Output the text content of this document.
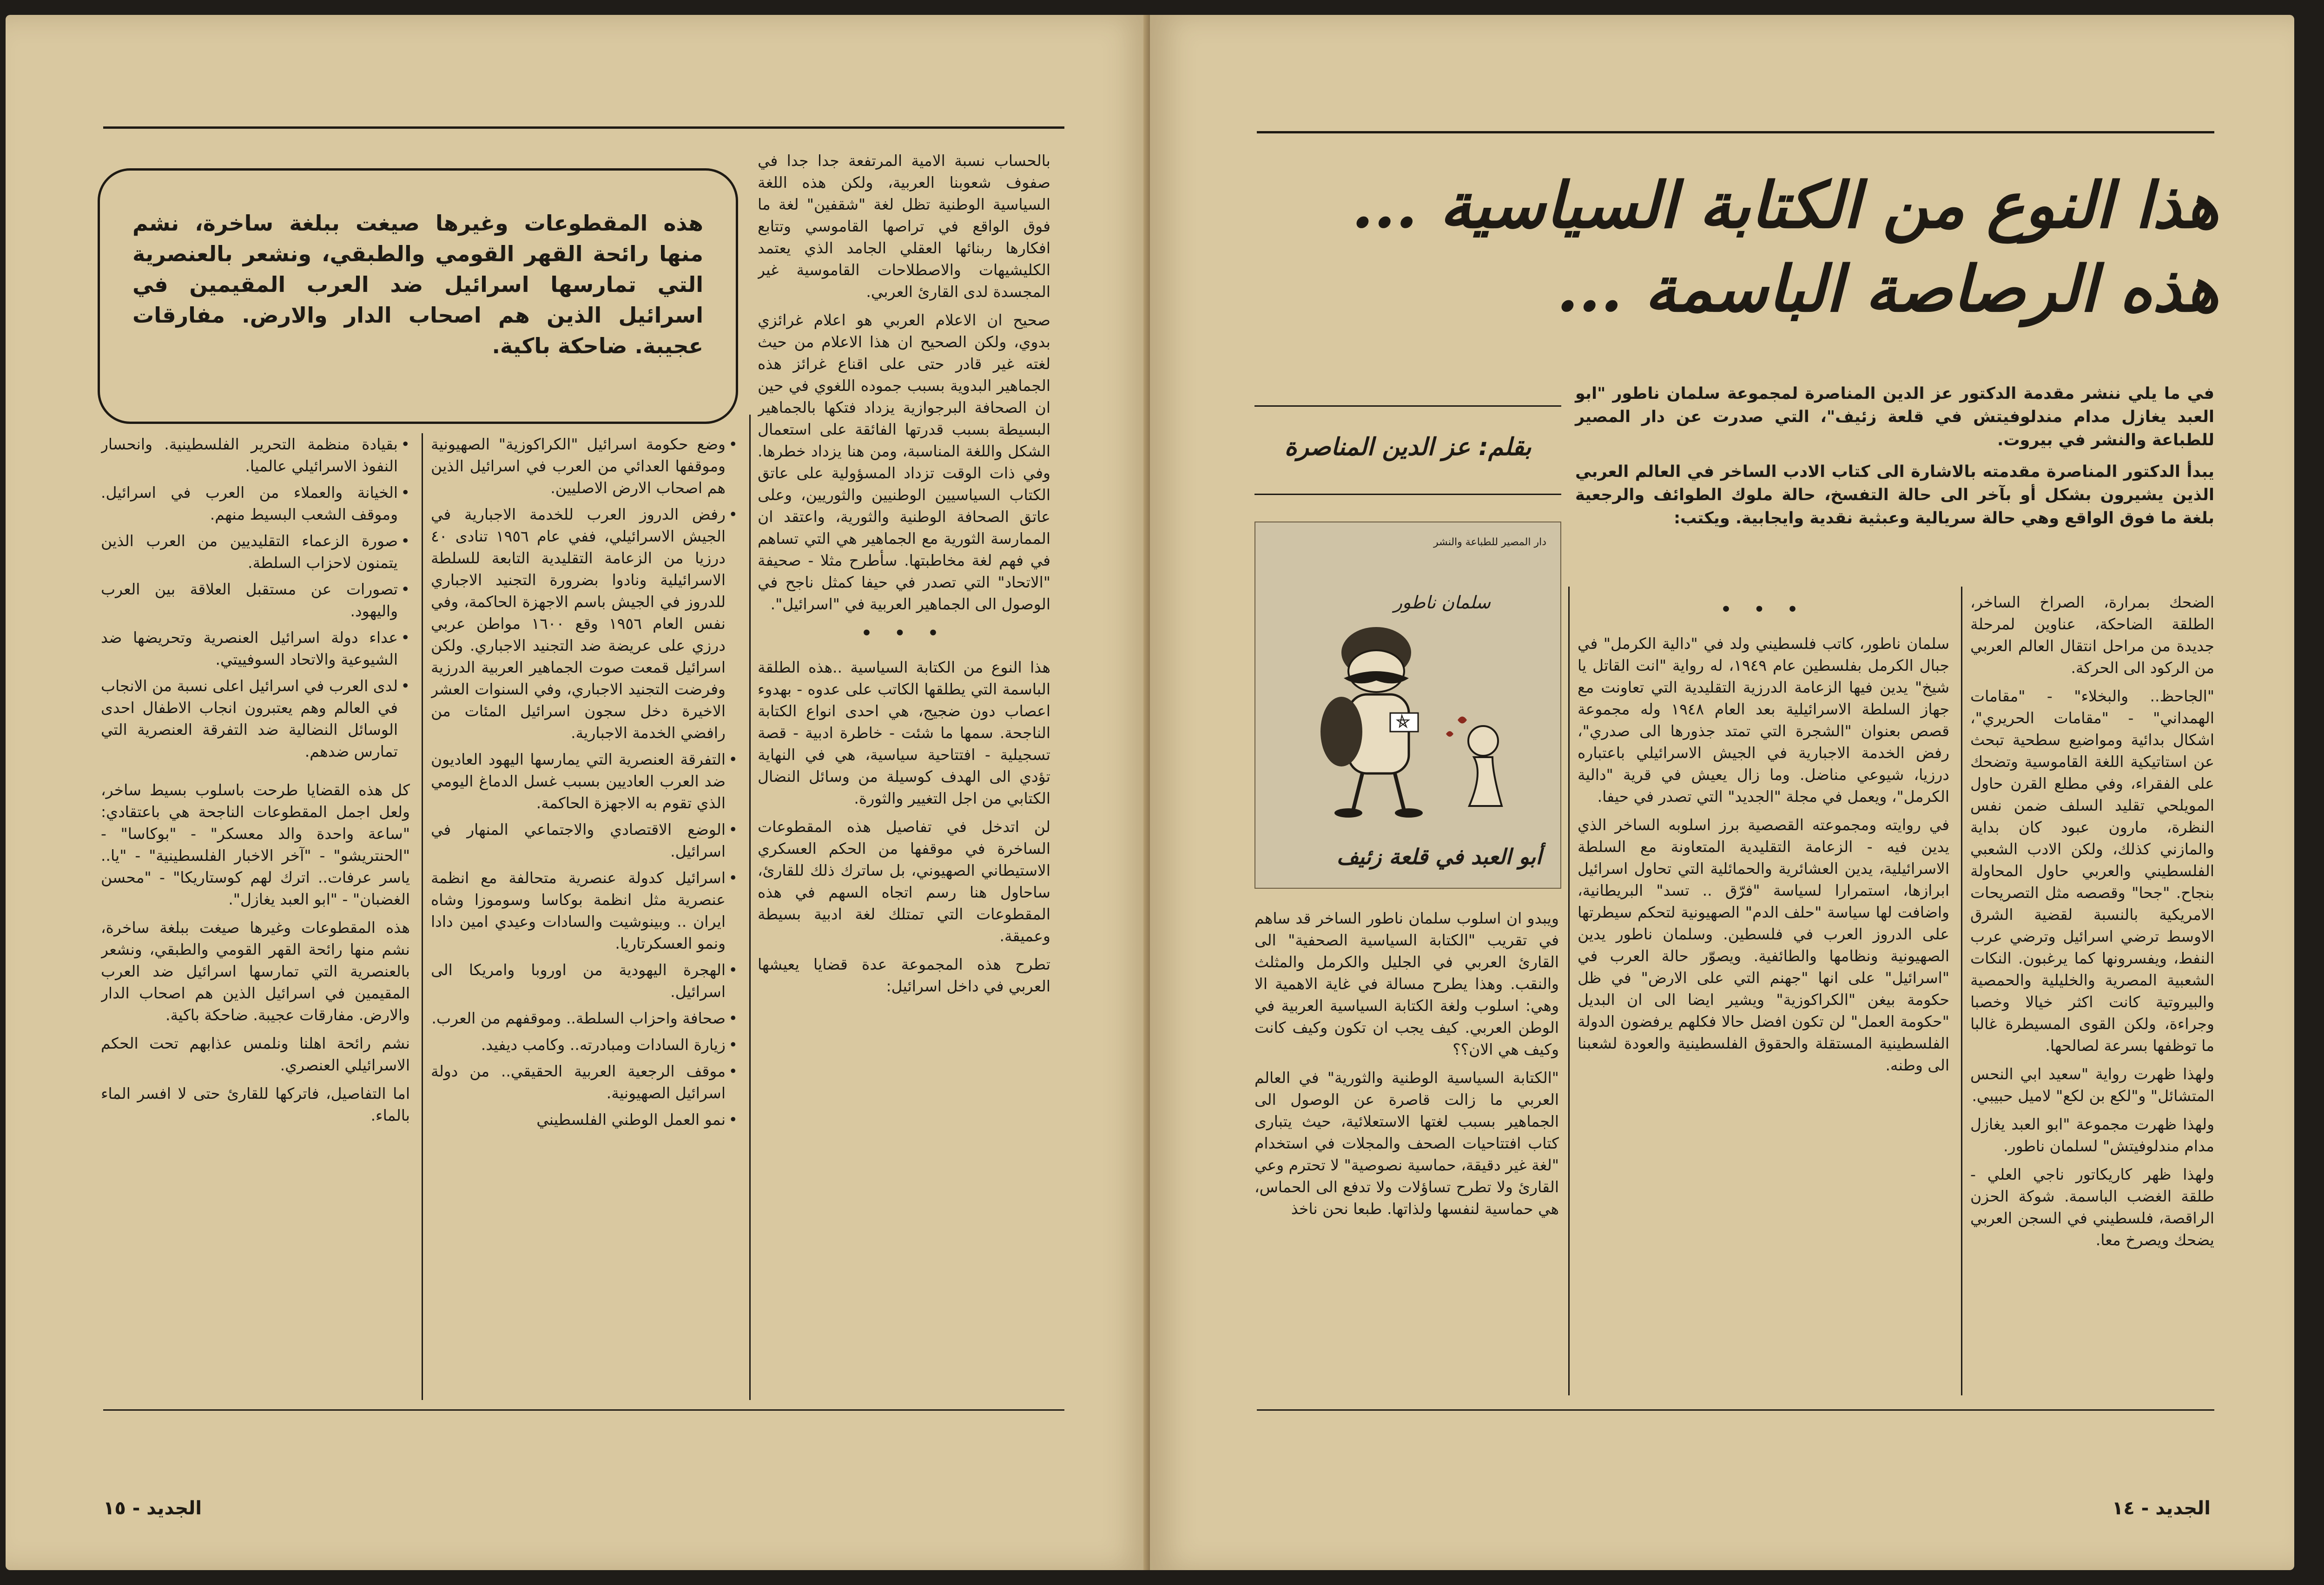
بالحساب نسبة الامية المرتفعة جدا جدا في صفوف شعوبنا العربية، ولكن هذه اللغة السياسية الوطنية تظل لغة "شقفين" لغة ما فوق الواقع في تراصها القاموسي وتتابع افكارها ربنائها العقلي الجامد الذي يعتمد الكليشيهات والاصطلاحات القاموسية غير المجسدة لدى القارئ العربي.

صحيح ان الاعلام العربي هو اعلام غرائزي بدوي، ولكن الصحيح ان هذا الاعلام من حيث لغته غير قادر حتى على اقناع غرائز هذه الجماهير البدوية بسبب جموده اللغوي في حين ان الصحافة البرجوازية يزداد فتكها بالجماهير البسيطة بسبب قدرتها الفائقة على استعمال الشكل واللغة المناسبة، ومن هنا يزداد خطرها. وفي ذات الوقت تزداد المسؤولية على عاتق الكتاب السياسيين الوطنيين والثوريين، وعلى عاتق الصحافة الوطنية والثورية، واعتقد ان الممارسة الثورية مع الجماهير هي التي تساهم في فهم لغة مخاطبتها. سأطرح مثلا - صحيفة "الاتحاد" التي تصدر في حيفا كمثل ناجح في الوصول الى الجماهير العربية في "اسرائيل".

• • •

هذا النوع من الكتابة السياسية ..هذه الطلقة الباسمة التي يطلقها الكاتب على عدوه - بهدوء اعصاب دون ضجيج، هي احدى انواع الكتابة الناجحة. سمها ما شئت - خاطرة ادبية - قصة تسجيلية - افتتاحية سياسية، هي في النهاية تؤدي الى الهدف كوسيلة من وسائل النضال الكتابي من اجل التغيير والثورة.

لن اتدخل في تفاصيل هذه المقطوعات الساخرة في موقفها من الحكم العسكري الاستيطاني الصهيوني، بل ساترك ذلك للقارئ، ساحاول هنا رسم اتجاه السهم في هذه المقطوعات التي تمتلك لغة ادبية بسيطة وعميقة.

تطرح هذه المجموعة عدة قضايا يعيشها العربي في داخل اسرائيل:

• وضع حكومة اسرائيل "الكراكوزية" الصهيونية وموقفها العدائي من العرب في اسرائيل الذين هم اصحاب الارض الاصليين.
• رفض الدروز العرب للخدمة الاجبارية في الجيش الاسرائيلي، ففي عام ١٩٥٦ تنادى ٤٠ درزيا من الزعامة التقليدية التابعة للسلطة الاسرائيلية ونادوا بضرورة التجنيد الاجباري للدروز في الجيش باسم الاجهزة الحاكمة، وفي نفس العام ١٩٥٦ وقع ١٦٠٠ مواطن عربي درزي على عريضة ضد التجنيد الاجباري. ولكن اسرائيل قمعت صوت الجماهير العربية الدرزية وفرضت التجنيد الاجباري، وفي السنوات العشر الاخيرة دخل سجون اسرائيل المئات من رافضي الخدمة الاجبارية.
• التفرقة العنصرية التي يمارسها اليهود العاديون ضد العرب العاديين بسبب غسل الدماغ اليومي الذي تقوم به الاجهزة الحاكمة.
• الوضع الاقتصادي والاجتماعي المنهار في اسرائيل.
• اسرائيل كدولة عنصرية متحالفة مع انظمة عنصرية مثل انظمة بوكاسا وسوموزا وشاه ايران .. وبينوشيت والسادات وعيدي امين دادا ونمو العسكرتاريا.
• الهجرة اليهودية من اوروبا وامريكا الى اسرائيل.
• صحافة واحزاب السلطة.. وموقفهم من العرب.
• زيارة السادات ومبادرته.. وكامب ديفيد.
• موقف الرجعية العربية الحقيقي.. من دولة اسرائيل الصهيونية.
• نمو العمل الوطني الفلسطيني
• بقيادة منظمة التحرير الفلسطينية. وانحسار النفوذ الاسرائيلي عالميا.
• الخيانة والعملاء من العرب في اسرائيل. وموقف الشعب البسيط منهم.
• صورة الزعماء التقليديين من العرب الذين يتمنون لاحزاب السلطة.
• تصورات عن مستقبل العلاقة بين العرب واليهود.
• عداء دولة اسرائيل العنصرية وتحريضها ضد الشيوعية والاتحاد السوفييتي.
• لدى العرب في اسرائيل اعلى نسبة من الانجاب في العالم وهم يعتبرون انجاب الاطفال احدى الوسائل النضالية ضد التفرقة العنصرية التي تمارس ضدهم.

كل هذه القضايا طرحت باسلوب بسيط ساخر، ولعل اجمل المقطوعات الناجحة هي باعتقادي: "ساعة واحدة والد معسكر" - "بوكاسا" - "الحنتريشو" - "آخر الاخبار الفلسطينية" - "يا.. ياسر عرفات.. اترك لهم كوستاريكا" - "محسن الغضبان" - "ابو العبد يغازل".

هذه المقطوعات وغيرها صيغت ببلغة ساخرة، نشم منها رائحة القهر القومي والطبقي، ونشعر بالعنصرية التي تمارسها اسرائيل ضد العرب المقيمين في اسرائيل الذين هم اصحاب الدار والارض. مفارقات عجيبة. ضاحكة باكية.

نشم رائحة اهلنا ونلمس عذابهم تحت الحكم الاسرائيلي العنصري.

اما التفاصيل، فاتركها للقارئ حتى لا افسر الماء بالماء.

هذه المقطوعات وغيرها صيغت ببلغة ساخرة، نشم منها رائحة القهر القومي والطبقي، ونشعر بالعنصرية التي تمارسها اسرائيل ضد العرب المقيمين في اسرائيل الذين هم اصحاب الدار والارض. مفارقات عجيبة. ضاحكة باكية.
الجديد - ١٥
هذا النوع من الكتابة السياسية ...
هذه الرصاصة الباسمة ...
بقلم: عز الدين المناصرة

في ما يلي ننشر مقدمة الدكتور عز الدين المناصرة لمجموعة سلمان ناطور "ابو العبد يغازل مدام مندلوفيتش في قلعة زئيف"، التي صدرت عن دار المصير للطباعة والنشر في بيروت.

يبدأ الدكتور المناصرة مقدمته بالاشارة الى كتاب الادب الساخر في العالم العربي الذين يشيرون بشكل أو بآخر الى حالة التفسخ، حالة ملوك الطوائف والرجعية بلغة ما فوق الواقع وهي حالة سريالية وعبثية نقدية وايجابية. ويكتب:

دار المصير للطباعة والنشر
سلمان ناطور
أبو العبد في قلعة زئيف

الضحك بمرارة، الصراخ الساخر، الطلقة الضاحكة، عناوين لمرحلة جديدة من مراحل انتقال العالم العربي من الركود الى الحركة.

"الجاحظ.. والبخلاء" - "مقامات الهمداني" - "مقامات الحريري"، اشكال بدائية ومواضيع سطحية تبحث عن استاتيكية اللغة القاموسية وتضحك على الفقراء، وفي مطلع القرن حاول المويلحي تقليد السلف ضمن نفس النظرة، مارون عبود كان بداية والمازني كذلك، ولكن الادب الشعبي الفلسطيني والعربي حاول المحاولة بنجاح. "جحا" وقصصه مثل التصريحات الامريكية بالنسبة لقضية الشرق الاوسط ترضي اسرائيل وترضي عرب النفط، ويفسرونها كما يرغبون. النكات الشعبية المصرية والخليلية والحمصية والبيروتية كانت اكثر خيالا وخصبا وجراءة، ولكن القوى المسيطرة غالبا ما توظفها بسرعة لصالحها.

ولهذا ظهرت رواية "سعيد ابي النحس المتشائل" و"لكع بن لكع" لاميل حبيبي.

ولهذا ظهرت مجموعة "ابو العبد يغازل مدام مندلوفيتش" لسلمان ناطور.

ولهذا ظهر كاريكاتور ناجي العلي - طلقة الغضب الباسمة. شوكة الحزن الراقصة، فلسطيني في السجن العربي يضحك ويصرخ معا.

• • •

سلمان ناطور، كاتب فلسطيني ولد في "دالية الكرمل" في جبال الكرمل بفلسطين عام ١٩٤٩، له رواية "انت القاتل يا شيخ" يدين فيها الزعامة الدرزية التقليدية التي تعاونت مع جهاز السلطة الاسرائيلية بعد العام ١٩٤٨ وله مجموعة قصص بعنوان "الشجرة التي تمتد جذورها الى صدري"، رفض الخدمة الاجبارية في الجيش الاسرائيلي باعتباره درزيا، شيوعي مناضل. وما زال يعيش في قرية "دالية الكرمل"، ويعمل في مجلة "الجديد" التي تصدر في حيفا.

في روايته ومجموعته القصصية برز اسلوبه الساخر الذي يدين فيه - الزعامة التقليدية المتعاونة مع السلطة الاسرائيلية، يدين العشائرية والحمائلية التي تحاول اسرائيل ابرازها، استمرارا لسياسة "فرّق .. تسد" البريطانية، واضافت لها سياسة "حلف الدم" الصهيونية لتحكم سيطرتها على الدروز العرب في فلسطين. وسلمان ناطور يدين الصهيونية ونظامها والطائفية. ويصوّر حالة العرب في "اسرائيل" على انها "جهنم التي على الارض" في ظل حكومة بيغن "الكراكوزية" ويشير ايضا الى ان البديل "حكومة العمل" لن تكون افضل حالا فكلهم يرفضون الدولة الفلسطينية المستقلة والحقوق الفلسطينية والعودة لشعبنا الى وطنه.

ويبدو ان اسلوب سلمان ناطور الساخر قد ساهم في تقريب "الكتابة السياسية الصحفية" الى القارئ العربي في الجليل والكرمل والمثلث والنقب. وهذا يطرح مسالة في غاية الاهمية الا وهي: اسلوب ولغة الكتابة السياسية العربية في الوطن العربي. كيف يجب ان تكون وكيف كانت وكيف هي الان؟؟

"الكتابة السياسية الوطنية والثورية" في العالم العربي ما زالت قاصرة عن الوصول الى الجماهير بسبب لغتها الاستعلائية، حيث يتبارى كتاب افتتاحيات الصحف والمجلات في استخدام "لغة غير دقيقة، حماسية نصوصية" لا تحترم وعي القارئ ولا تطرح تساؤلات ولا تدفع الى الحماس، هي حماسية لنفسها ولذاتها. طبعا نحن ناخذ

الجديد - ١٤
